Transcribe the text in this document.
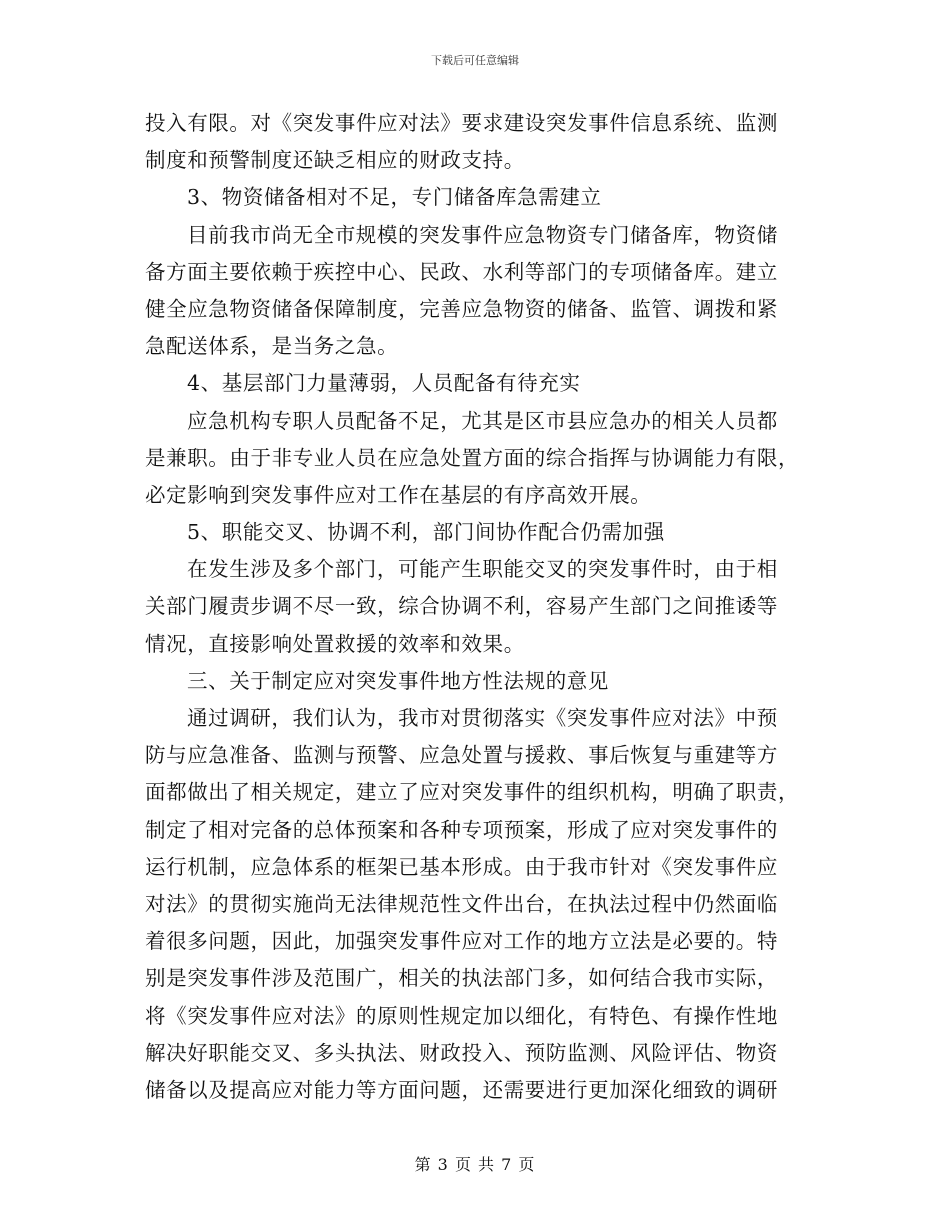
下载后可任意编辑
投入有限。对《突发事件应对法》要求建设突发事件信息系统、监测
制度和预警制度还缺乏相应的财政支持。
3、物资储备相对不足，专门储备库急需建立
目前我市尚无全市规模的突发事件应急物资专门储备库，物资储
备方面主要依赖于疾控中心、民政、水利等部门的专项储备库。建立
健全应急物资储备保障制度，完善应急物资的储备、监管、调拨和紧
急配送体系，是当务之急。
4、基层部门力量薄弱，人员配备有待充实
应急机构专职人员配备不足，尤其是区市县应急办的相关人员都
是兼职。由于非专业人员在应急处置方面的综合指挥与协调能力有限，
必定影响到突发事件应对工作在基层的有序高效开展。
5、职能交叉、协调不利，部门间协作配合仍需加强
在发生涉及多个部门，可能产生职能交叉的突发事件时，由于相
关部门履责步调不尽一致，综合协调不利，容易产生部门之间推诿等
情况，直接影响处置救援的效率和效果。
三、关于制定应对突发事件地方性法规的意见
通过调研，我们认为，我市对贯彻落实《突发事件应对法》中预
防与应急准备、监测与预警、应急处置与援救、事后恢复与重建等方
面都做出了相关规定，建立了应对突发事件的组织机构，明确了职责，
制定了相对完备的总体预案和各种专项预案，形成了应对突发事件的
运行机制，应急体系的框架已基本形成。由于我市针对《突发事件应
对法》的贯彻实施尚无法律规范性文件出台，在执法过程中仍然面临
着很多问题，因此，加强突发事件应对工作的地方立法是必要的。特
别是突发事件涉及范围广，相关的执法部门多，如何结合我市实际，
将《突发事件应对法》的原则性规定加以细化，有特色、有操作性地
解决好职能交叉、多头执法、财政投入、预防监测、风险评估、物资
储备以及提高应对能力等方面问题，还需要进行更加深化细致的调研
第 3 页 共 7 页
